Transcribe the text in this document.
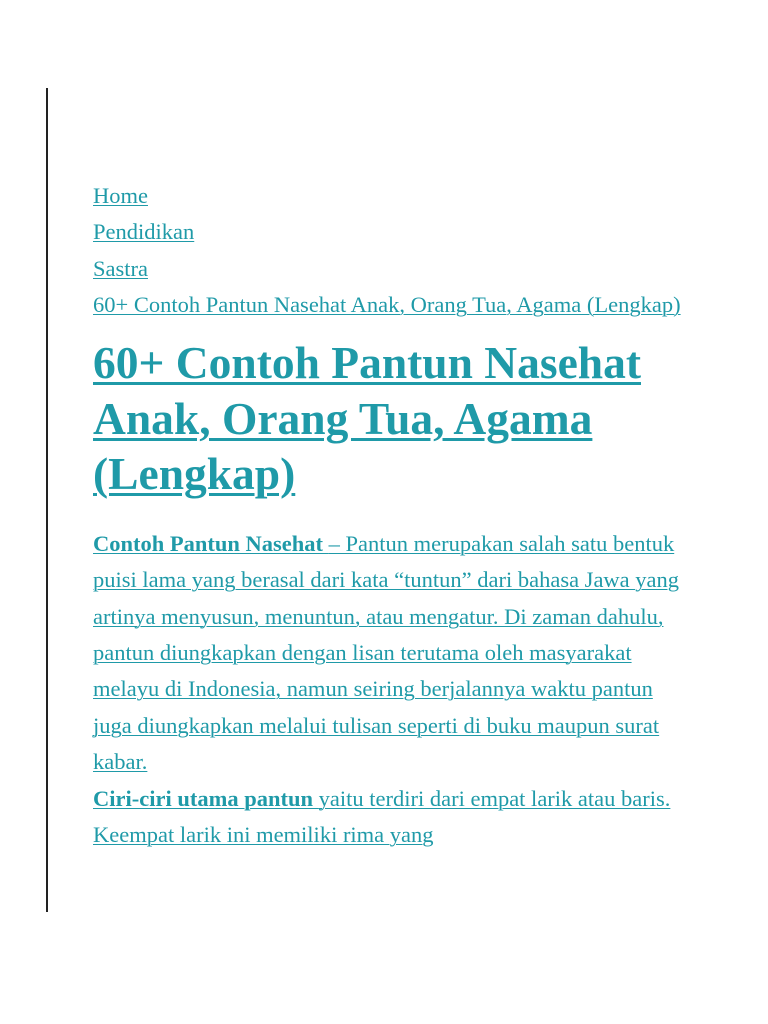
Home
Pendidikan
Sastra
60+ Contoh Pantun Nasehat Anak, Orang Tua, Agama (Lengkap)
60+ Contoh Pantun Nasehat Anak, Orang Tua, Agama (Lengkap)

Contoh Pantun Nasehat – Pantun merupakan salah satu bentuk puisi lama yang berasal dari kata “tuntun” dari bahasa Jawa yang artinya menyusun, menuntun, atau mengatur. Di zaman dahulu, pantun diungkapkan dengan lisan terutama oleh masyarakat melayu di Indonesia, namun seiring berjalannya waktu pantun juga diungkapkan melalui tulisan seperti di buku maupun surat kabar.

Ciri-ciri utama pantun yaitu terdiri dari empat larik atau baris. Keempat larik ini memiliki rima yang
